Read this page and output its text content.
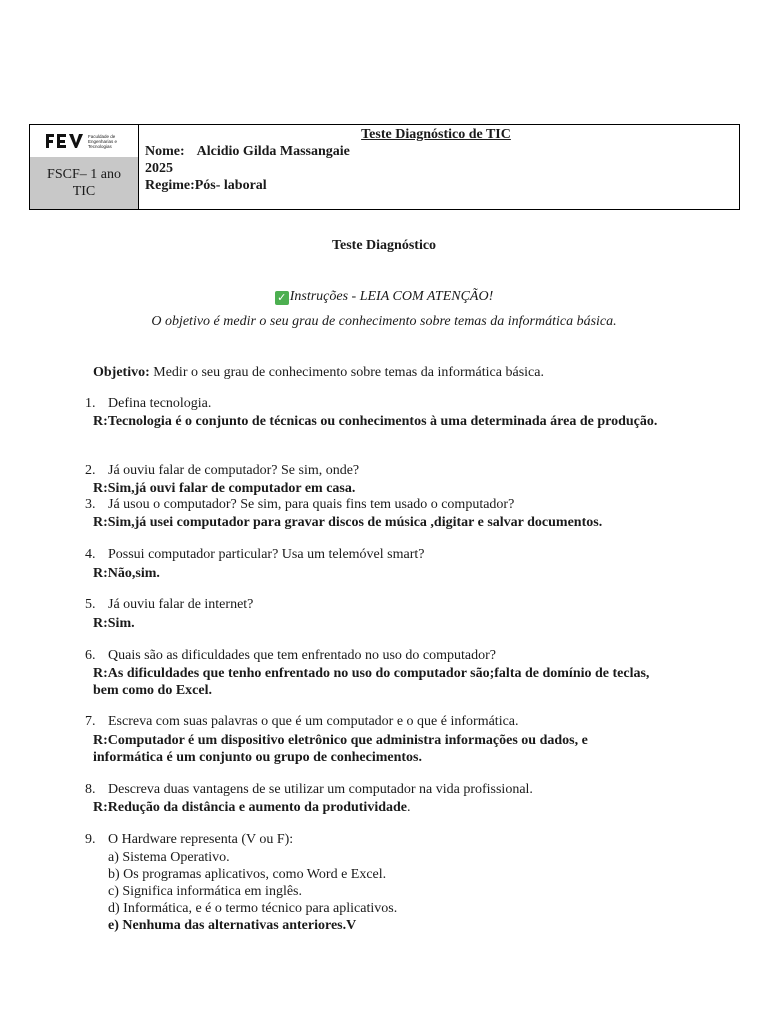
Faculdade de Engenharias e Tecnologias
FSCF– 1 ano
TIC
Teste Diagnóstico de TIC
Nome: Alcidio Gilda Massangaie
2025
Regime:Pós- laboral
Teste Diagnóstico
✓ Instruções - LEIA COM ATENÇÃO!
O objetivo é medir o seu grau de conhecimento sobre temas da informática básica.
Objetivo: Medir o seu grau de conhecimento sobre temas da informática básica.
1. Defina tecnologia.
R:Tecnologia é o conjunto de técnicas ou conhecimentos à uma determinada área de produção.
2. Já ouviu falar de computador? Se sim, onde?
R:Sim,já ouvi falar de computador em casa.
3. Já usou o computador? Se sim, para quais fins tem usado o computador?
R:Sim,já usei computador para gravar discos de música ,digitar e salvar documentos.
4. Possui computador particular? Usa um telemóvel smart?
R:Não,sim.
5. Já ouviu falar de internet?
R:Sim.
6. Quais são as dificuldades que tem enfrentado no uso do computador?
R:As dificuldades que tenho enfrentado no uso do computador são;falta de domínio de teclas, bem como do Excel.
7. Escreva com suas palavras o que é um computador e o que é informática.
R:Computador é um dispositivo eletrônico que administra informações ou dados, e informática é um conjunto ou grupo de conhecimentos.
8. Descreva duas vantagens de se utilizar um computador na vida profissional.
R:Redução da distância e aumento da produtividade.
9. O Hardware representa (V ou F):
a) Sistema Operativo.
b) Os programas aplicativos, como Word e Excel.
c) Significa informática em inglês.
d) Informática, e é o termo técnico para aplicativos.
e) Nenhuma das alternativas anteriores.V
